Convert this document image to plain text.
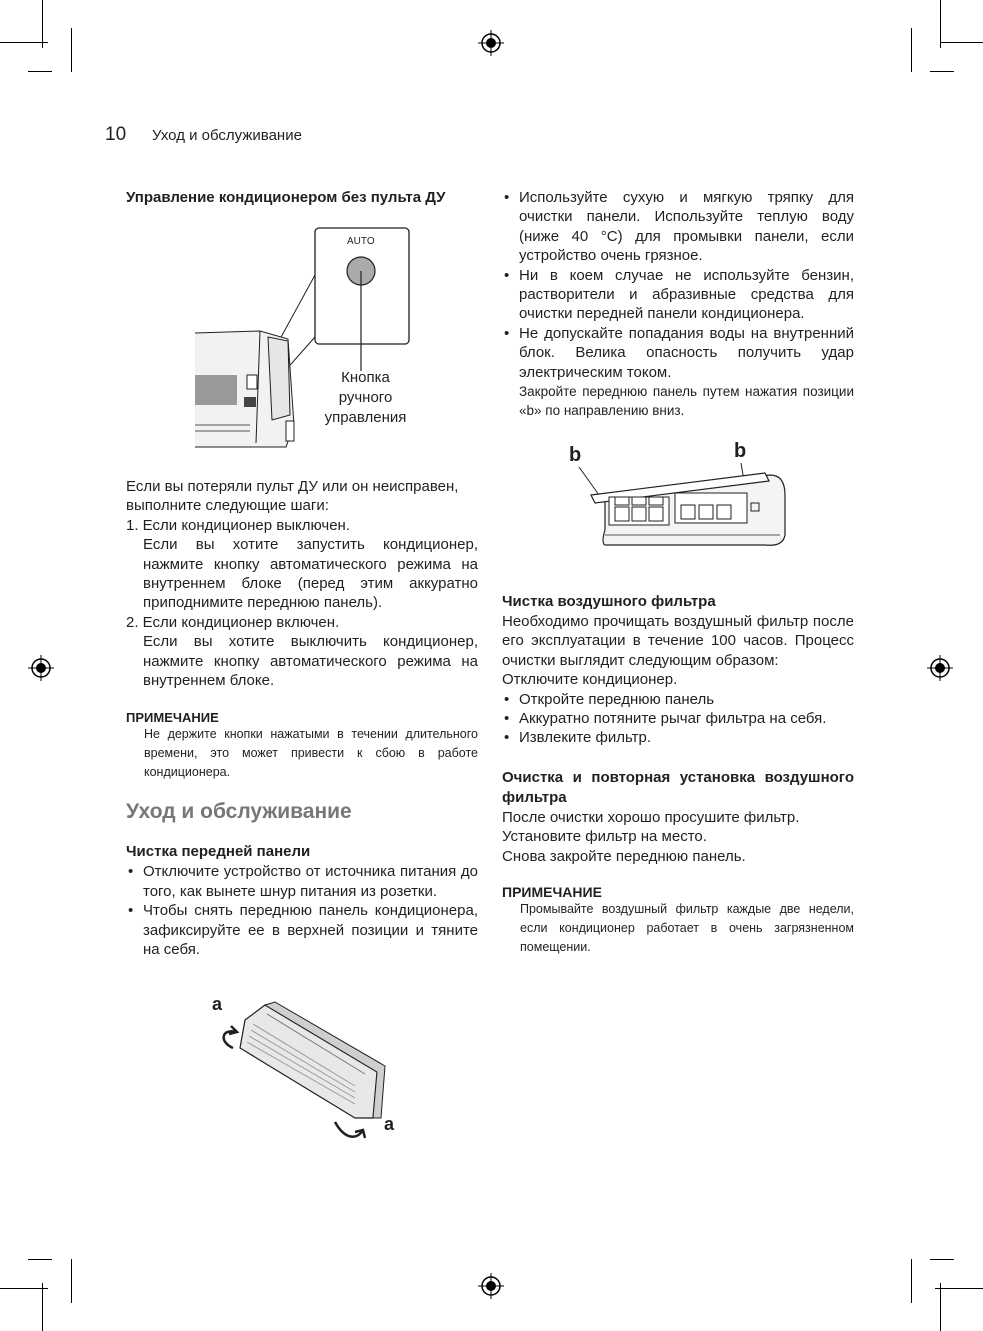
10 Уход и обслуживание
Управление кондиционером без пульта ДУ
AUTO
Кнопка
ручного
управления

Если вы потеряли пульт ДУ или он неисправен, выполните следующие шаги:

1. Если кондиционер выключен.

Если вы хотите запустить кондиционер, нажмите кнопку автоматического режима на внутреннем блоке (перед этим аккуратно приподнимите переднюю панель).

2. Если кондиционер включен.

Если вы хотите выключить кондиционер, нажмите кнопку автоматического режима на внутреннем блоке.

ПРИМЕЧАНИЕ

Не держите кнопки нажатыми в течении длительного времени, это может привести к сбою в работе кондиционера.

Уход и обслуживание
Чистка передней панели
• Отключите устройство от источника питания до того, как вынете шнур питания из розетки.
• Чтобы снять переднюю панель кондиционера, зафиксируйте ее в верхней позиции и тяните на себя.
a
a
• Используйте сухую и мягкую тряпку для очистки панели. Используйте теплую воду (ниже 40 °C) для промывки панели, если устройство очень грязное.
• Ни в коем случае не используйте бензин, растворители и абразивные средства для очистки передней панели кондиционера.
• Не допускайте попадания воды на внутренний блок. Велика опасность получить удар электрическим током.

Закройте переднюю панель путем нажатия позиции «b» по направлению вниз.

b	b
Чистка воздушного фильтра

Необходимо прочищать воздушный фильтр после его эксплуатации в течение 100 часов. Процесс очистки выглядит следующим образом:

Отключите кондиционер.

• Откройте переднюю панель
• Аккуратно потяните рычаг фильтра на себя.
• Извлеките фильтр.
Очистка и повторная установка воздушного фильтра

После очистки хорошо просушите фильтр.

Установите фильтр на место.

Снова закройте переднюю панель.

ПРИМЕЧАНИЕ

Промывайте воздушный фильтр каждые две недели, если кондиционер работает в очень загрязненном помещении.
